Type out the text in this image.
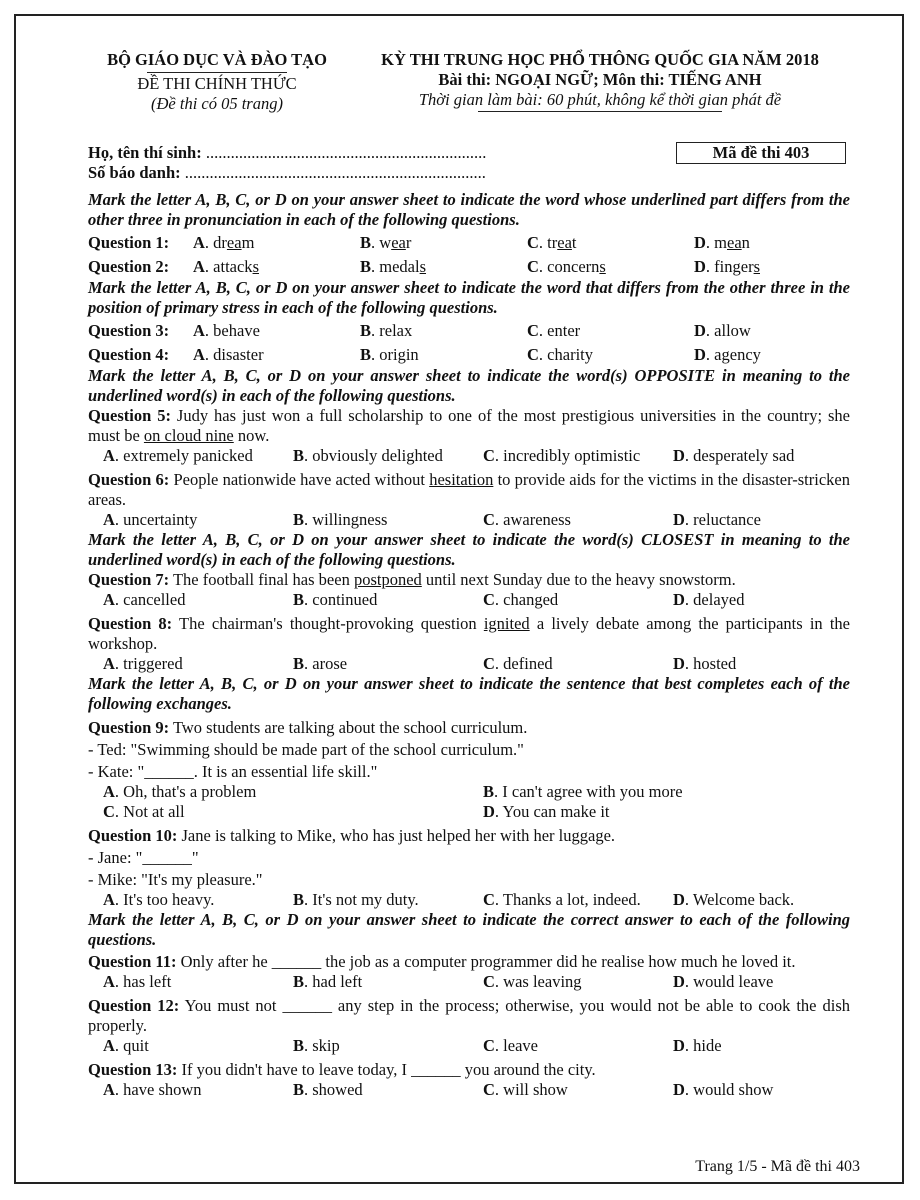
BỘ GIÁO DỤC VÀ ĐÀO TẠO
ĐỀ THI CHÍNH THỨC
(Đề thi có 05 trang)
KỲ THI TRUNG HỌC PHỔ THÔNG QUỐC GIA NĂM 2018
Bài thi: NGOẠI NGỮ; Môn thi: TIẾNG ANH
Thời gian làm bài: 60 phút, không kể thời gian phát đề
Họ, tên thí sinh: ....................................................................
Số báo danh: .........................................................................
Mã đề thi 403
Mark the letter A, B, C, or D on your answer sheet to indicate the word whose underlined part differs from the other three in pronunciation in each of the following questions.
Question 1:	A. dream	B. wear	C. treat	D. mean
Question 2:	A. attacks	B. medals	C. concerns	D. fingers
Mark the letter A, B, C, or D on your answer sheet to indicate the word that differs from the other three in the position of primary stress in each of the following questions.
Question 3:	A. behave	B. relax	C. enter	D. allow
Question 4:	A. disaster	B. origin	C. charity	D. agency
Mark the letter A, B, C, or D on your answer sheet to indicate the word(s) OPPOSITE in meaning to the underlined word(s) in each of the following questions.
Question 5: Judy has just won a full scholarship to one of the most prestigious universities in the country; she must be on cloud nine now.
A. extremely panicked	B. obviously delighted	C. incredibly optimistic	D. desperately sad
Question 6: People nationwide have acted without hesitation to provide aids for the victims in the disaster-stricken areas.
A. uncertainty	B. willingness	C. awareness	D. reluctance
Mark the letter A, B, C, or D on your answer sheet to indicate the word(s) CLOSEST in meaning to the underlined word(s) in each of the following questions.
Question 7: The football final has been postponed until next Sunday due to the heavy snowstorm.
A. cancelled	B. continued	C. changed	D. delayed
Question 8: The chairman's thought-provoking question ignited a lively debate among the participants in the workshop.
A. triggered	B. arose	C. defined	D. hosted
Mark the letter A, B, C, or D on your answer sheet to indicate the sentence that best completes each of the following exchanges.
Question 9: Two students are talking about the school curriculum.
- Ted: "Swimming should be made part of the school curriculum."
- Kate: "______. It is an essential life skill."
A. Oh, that's a problem	B. I can't agree with you more
C. Not at all	D. You can make it
Question 10: Jane is talking to Mike, who has just helped her with her luggage.
- Jane: "______"
- Mike: "It's my pleasure."
A. It's too heavy.	B. It's not my duty.	C. Thanks a lot, indeed.	D. Welcome back.
Mark the letter A, B, C, or D on your answer sheet to indicate the correct answer to each of the following questions.
Question 11: Only after he ______ the job as a computer programmer did he realise how much he loved it.
A. has left	B. had left	C. was leaving	D. would leave
Question 12: You must not ______ any step in the process; otherwise, you would not be able to cook the dish properly.
A. quit	B. skip	C. leave	D. hide
Question 13: If you didn't have to leave today, I ______ you around the city.
A. have shown	B. showed	C. will show	D. would show
Trang 1/5 - Mã đề thi 403
